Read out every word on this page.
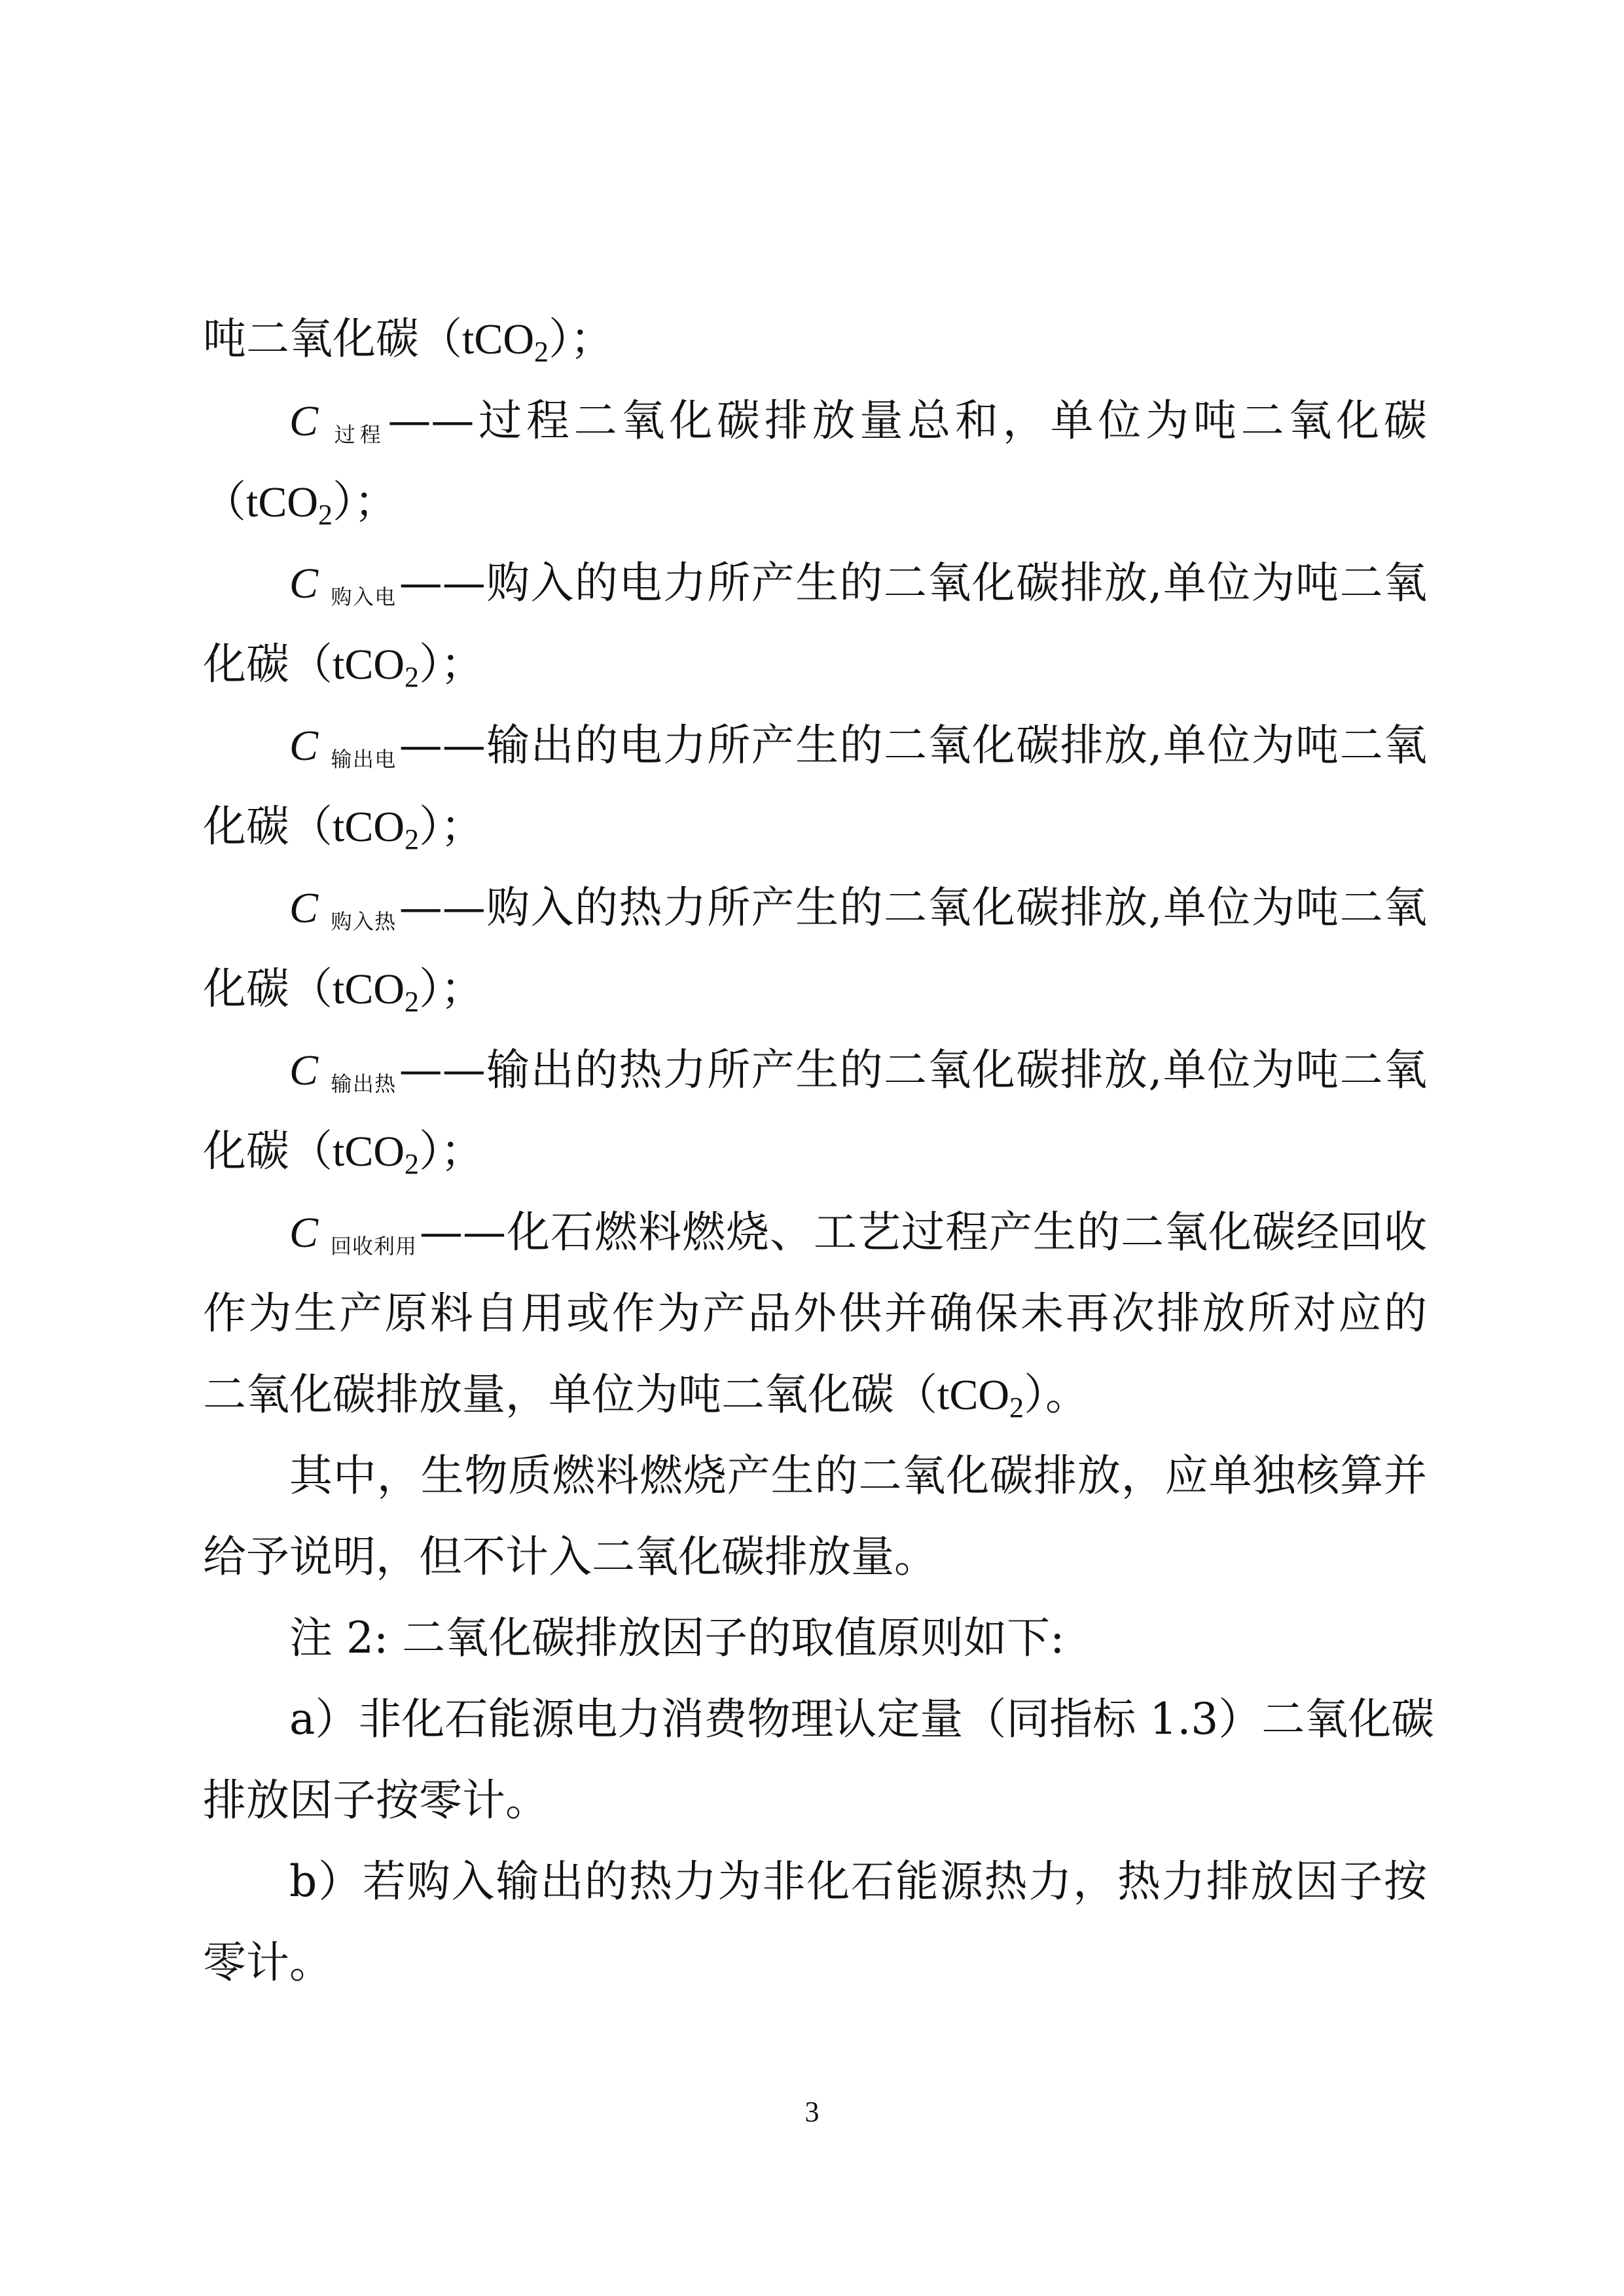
吨二氧化碳（tCO2）；
C过程——过程二氧化碳排放量总和，单位为吨二氧化碳
（tCO2）；
C购入电——购入的电力所产生的二氧化碳排放,单位为吨二氧
化碳（tCO2）；
C输出电——输出的电力所产生的二氧化碳排放,单位为吨二氧
化碳（tCO2）；
C购入热——购入的热力所产生的二氧化碳排放,单位为吨二氧
化碳（tCO2）；
C输出热——输出的热力所产生的二氧化碳排放,单位为吨二氧
化碳（tCO2）；
C回收利用——化石燃料燃烧、工艺过程产生的二氧化碳经回收
作为生产原料自用或作为产品外供并确保未再次排放所对应的
二氧化碳排放量，单位为吨二氧化碳（tCO2）。
其中，生物质燃料燃烧产生的二氧化碳排放，应单独核算并
给予说明，但不计入二氧化碳排放量。
注 2: 二氧化碳排放因子的取值原则如下:
a）非化石能源电力消费物理认定量（同指标 1.3）二氧化碳
排放因子按零计。
b）若购入输出的热力为非化石能源热力，热力排放因子按
零计。
3
